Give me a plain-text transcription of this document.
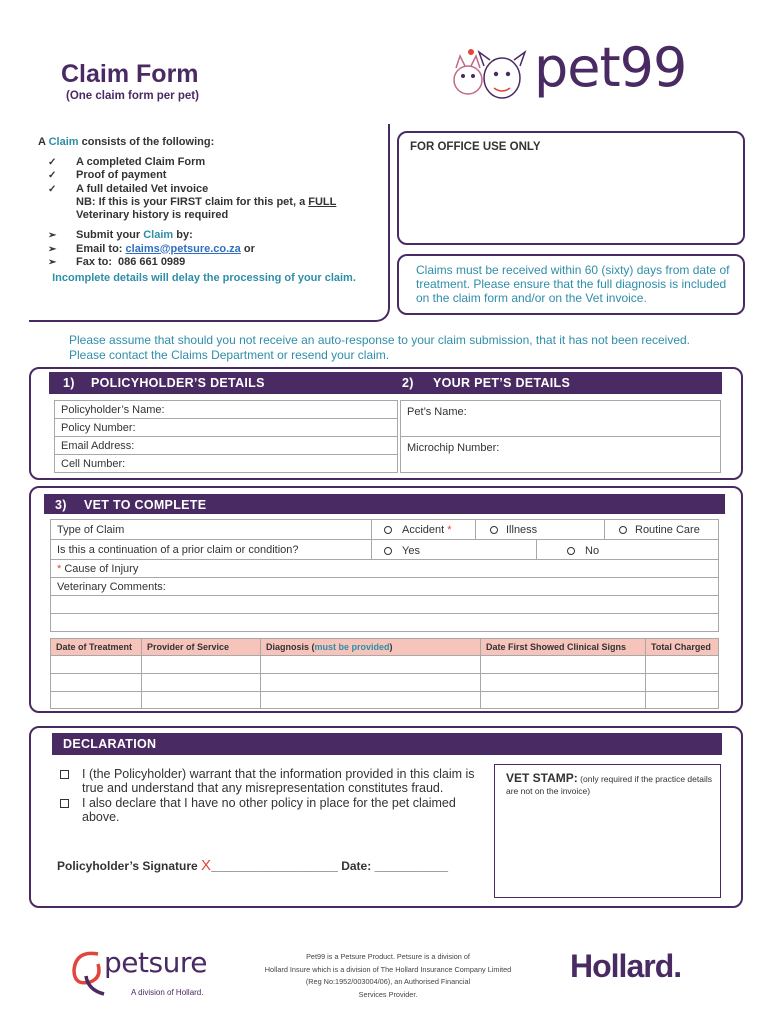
Claim Form
(One claim form per pet)	pet99
A Claim consists of the following:
✓ A completed Claim Form
✓ Proof of payment
✓ A full detailed Vet invoice
NB: If this is your FIRST claim for this pet, a FULL
Veterinary history is required
➢ Submit your Claim by:
➢ Email to: claims@petsure.co.za or
➢ Fax to: 086 661 0989
Incomplete details will delay the processing of your claim.
FOR OFFICE USE ONLY
Claims must be received within 60 (sixty) days from date of treatment. Please ensure that the full diagnosis is included on the claim form and/or on the Vet invoice.
Please assume that should you not receive an auto-response to your claim submission, that it has not been received. Please contact the Claims Department or resend your claim.
1) POLICYHOLDER’S DETAILS	2) YOUR PET’S DETAILS
Policyholder’s Name:
Policy Number:
Email Address:
Cell Number:
Pet’s Name:
Microchip Number:
3) VET TO COMPLETE
Type of Claim	Accident *	Illness	Routine Care
Is this a continuation of a prior claim or condition?	Yes	No
* Cause of Injury
Veterinary Comments:
Date of Treatment	Provider of Service	Diagnosis (must be provided)	Date First Showed Clinical Signs	Total Charged
DECLARATION
I (the Policyholder) warrant that the information provided in this claim is true and understand that any misrepresentation constitutes fraud.
I also declare that I have no other policy in place for the pet claimed above.
Policyholder’s Signature X___________________ Date: ___________
VET STAMP: (only required if the practice details are not on the invoice)
petsure
A division of Hollard.
Pet99 is a Petsure Product. Petsure is a division of
Hollard Insure which is a division of The Hollard Insurance Company Limited
(Reg No:1952/003004/06), an Authorised Financial
Services Provider.
Hollard.
